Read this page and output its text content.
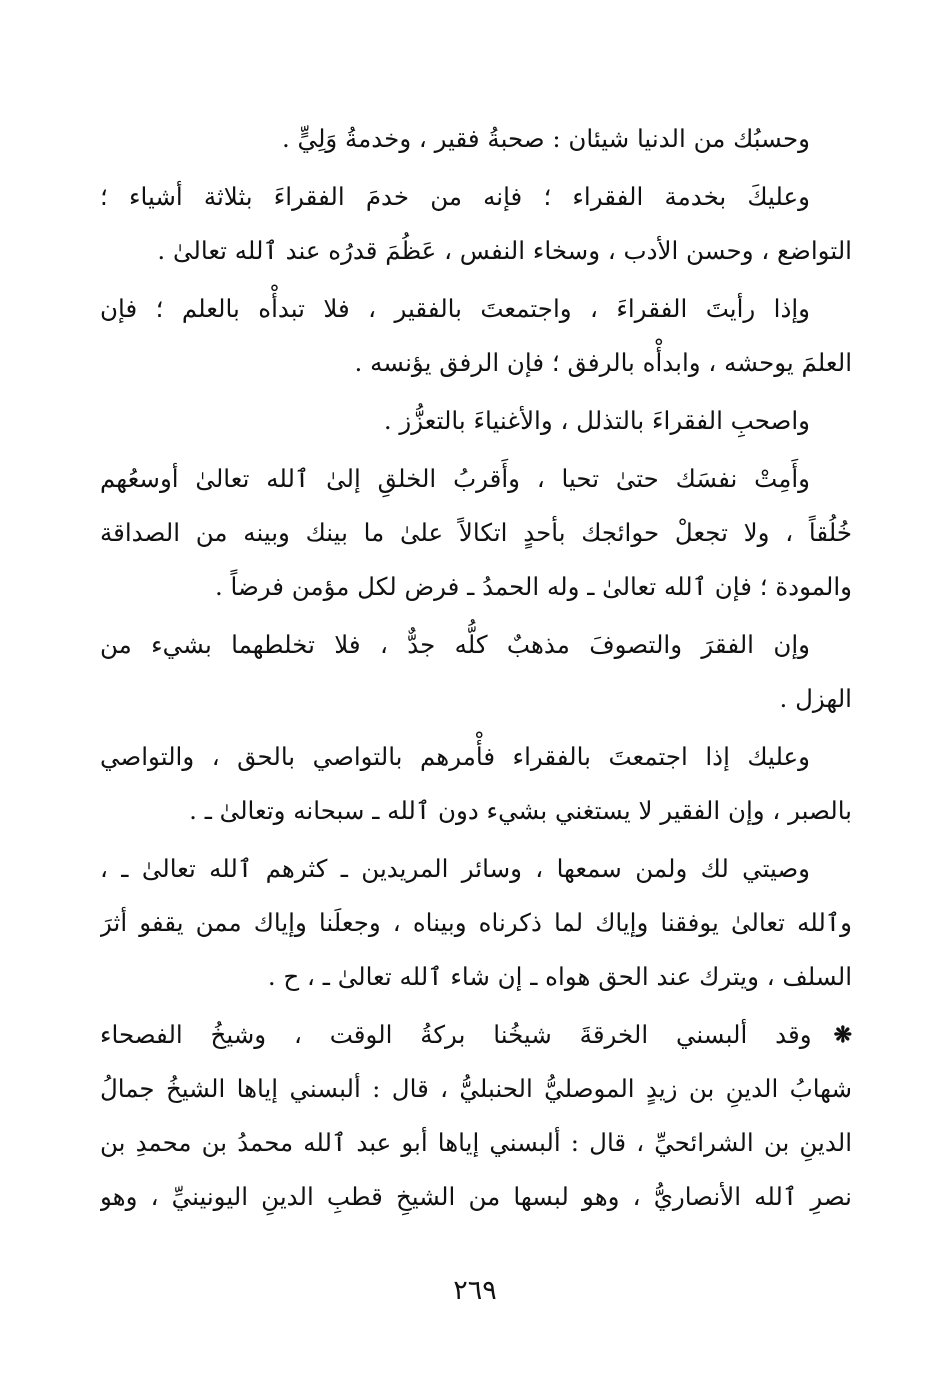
وحسبُك من الدنيا شيئان : صحبةُ فقير ، وخدمةُ وَلِيٍّ .
وعليكَ بخدمة الفقراء ؛ فإنه من خدمَ الفقراءَ بثلاثة أشياء ؛
التواضع ، وحسن الأدب ، وسخاء النفس ، عَظُمَ قدرُه عند ٱلله تعالىٰ .
وإذا رأيتَ الفقراءَ ، واجتمعتَ بالفقير ، فلا تبدأْه بالعلم ؛ فإن
العلمَ يوحشه ، وابدأْه بالرفق ؛ فإن الرفق يؤنسه .
واصحبِ الفقراءَ بالتذلل ، والأغنياءَ بالتعزُّز .
وأَمِتْ نفسَك حتىٰ تحيا ، وأَقربُ الخلقِ إلىٰ ٱلله تعالىٰ أوسعُهم
خُلُقاً ، ولا تجعلْ حوائجك بأحدٍ اتكالاً علىٰ ما بينك وبينه من الصداقة
والمودة ؛ فإن ٱلله تعالىٰ ـ وله الحمدُ ـ فرض لكل مؤمن فرضاً .
وإن الفقرَ والتصوفَ مذهبٌ كلُّه جدٌّ ، فلا تخلطهما بشيء من
الهزل .
وعليك إذا اجتمعتَ بالفقراء فأْمرهم بالتواصي بالحق ، والتواصي
بالصبر ، وإن الفقير لا يستغني بشيء دون ٱلله ـ سبحانه وتعالىٰ ـ .
وصيتي لك ولمن سمعها ، وسائر المريدين ـ كثرهم ٱلله تعالىٰ ـ ،
وٱلله تعالىٰ يوفقنا وإياك لما ذكرناه وبيناه ، وجعلَنا وإياك ممن يقفو أثرَ
السلف ، ويترك عند الحق هواه ـ إن شاء ٱلله تعالىٰ ـ ، ح .
❋
وقد ألبسني الخرقةَ شيخُنا بركةُ الوقت ، وشيخُ الفصحاء
شهابُ الدينِ بن زيدٍ الموصليُّ الحنبليُّ ، قال : ألبسني إياها الشيخُ جمالُ
الدينِ بن الشرائحيِّ ، قال : ألبسني إياها أبو عبد ٱلله محمدُ بن محمدِ بن
نصرِ ٱلله الأنصاريُّ ، وهو لبسها من الشيخِ قطبِ الدينِ اليونينيِّ ، وهو
٢٦٩
